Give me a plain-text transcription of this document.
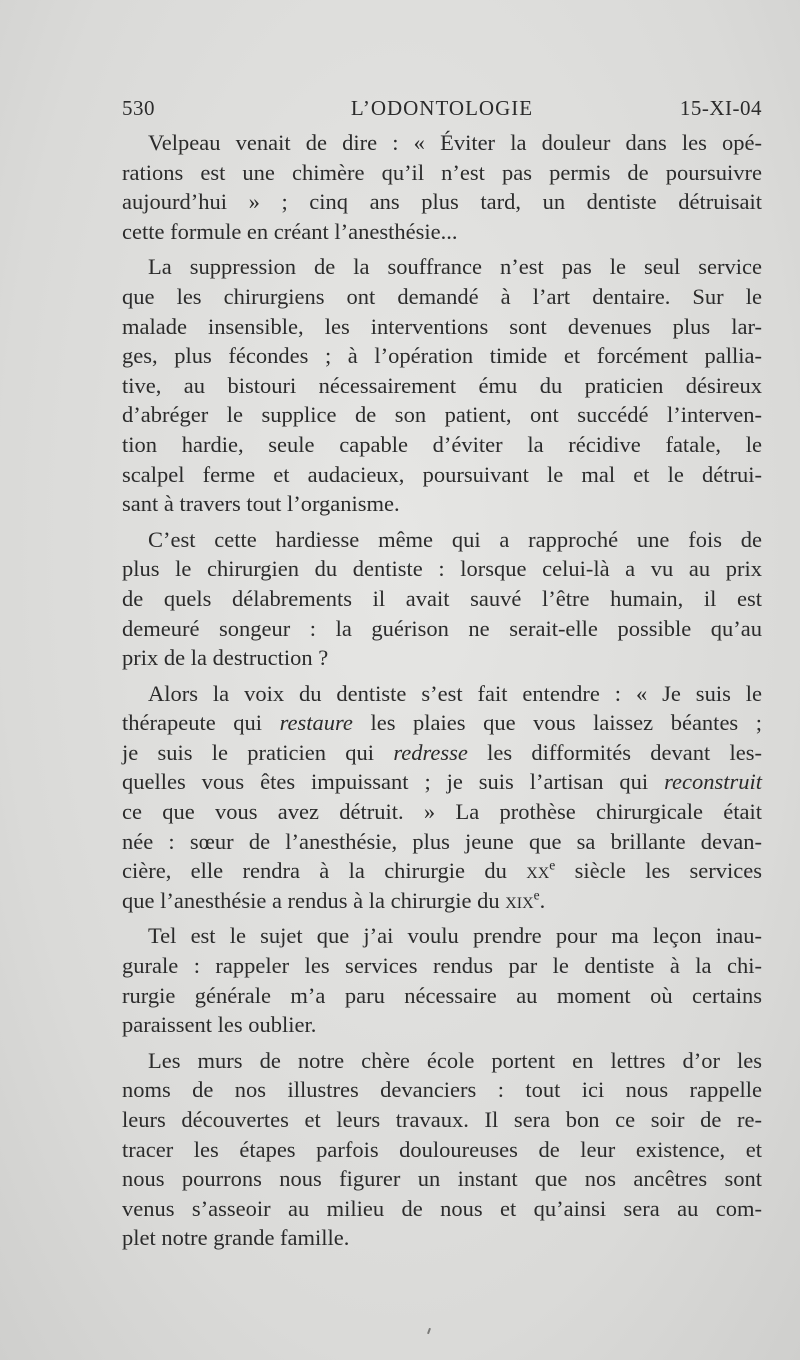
530	L’ODONTOLOGIE	15-XI-04
Velpeau venait de dire : « Éviter la douleur dans les opé-
rations est une chimère qu’il n’est pas permis de poursuivre
aujourd’hui » ; cinq ans plus tard, un dentiste détruisait
cette formule en créant l’anesthésie...
La suppression de la souffrance n’est pas le seul service
que les chirurgiens ont demandé à l’art dentaire. Sur le
malade insensible, les interventions sont devenues plus lar-
ges, plus fécondes ; à l’opération timide et forcément pallia-
tive, au bistouri nécessairement ému du praticien désireux
d’abréger le supplice de son patient, ont succédé l’interven-
tion hardie, seule capable d’éviter la récidive fatale, le
scalpel ferme et audacieux, poursuivant le mal et le détrui-
sant à travers tout l’organisme.
C’est cette hardiesse même qui a rapproché une fois de
plus le chirurgien du dentiste : lorsque celui-là a vu au prix
de quels délabrements il avait sauvé l’être humain, il est
demeuré songeur : la guérison ne serait-elle possible qu’au
prix de la destruction ?
Alors la voix du dentiste s’est fait entendre : « Je suis le
thérapeute qui restaure les plaies que vous laissez béantes ;
je suis le praticien qui redresse les difformités devant les-
quelles vous êtes impuissant ; je suis l’artisan qui reconstruit
ce que vous avez détruit. » La prothèse chirurgicale était
née : sœur de l’anesthésie, plus jeune que sa brillante devan-
cière, elle rendra à la chirurgie du $xx^e$ siècle les services
que l’anesthésie a rendus à la chirurgie du xix$^e$.
Tel est le sujet que j’ai voulu prendre pour ma leçon inau-
gurale : rappeler les services rendus par le dentiste à la chi-
rurgie générale m’a paru nécessaire au moment où certains
paraissent les oublier.
Les murs de notre chère école portent en lettres d’or les
noms de nos illustres devanciers : tout ici nous rappelle
leurs découvertes et leurs travaux. Il sera bon ce soir de re-
tracer les étapes parfois douloureuses de leur existence, et
nous pourrons nous figurer un instant que nos ancêtres sont
venus s’asseoir au milieu de nous et qu’ainsi sera au com-
plet notre grande famille.
